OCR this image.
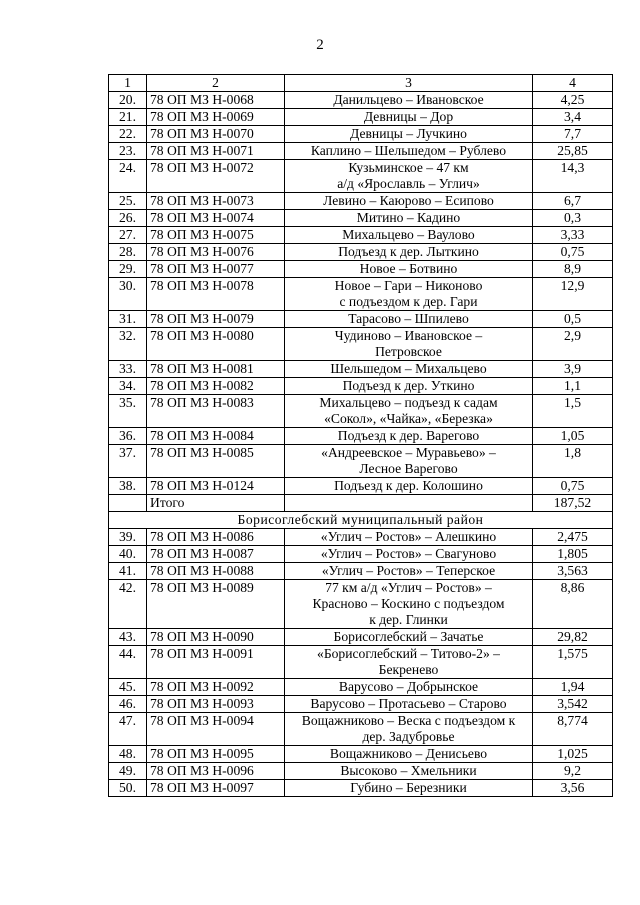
2
1	2	3	4
20.	78 ОП МЗ Н-0068	Данильцево – Ивановское	4,25
21.	78 ОП МЗ Н-0069	Девницы – Дор	3,4
22.	78 ОП МЗ Н-0070	Девницы – Лучкино	7,7
23.	78 ОП МЗ Н-0071	Каплино – Шельшедом – Рублево	25,85
24.	78 ОП МЗ Н-0072	Кузьминское – 47 км
а/д «Ярославль – Углич»	14,3
25.	78 ОП МЗ Н-0073	Левино – Каюрово – Есипово	6,7
26.	78 ОП МЗ Н-0074	Митино – Кадино	0,3
27.	78 ОП МЗ Н-0075	Михальцево – Ваулово	3,33
28.	78 ОП МЗ Н-0076	Подъезд к дер. Лыткино	0,75
29.	78 ОП МЗ Н-0077	Новое – Ботвино	8,9
30.	78 ОП МЗ Н-0078	Новое – Гари – Никоново
с подъездом к дер. Гари	12,9
31.	78 ОП МЗ Н-0079	Тарасово – Шпилево	0,5
32.	78 ОП МЗ Н-0080	Чудиново – Ивановское –
Петровское	2,9
33.	78 ОП МЗ Н-0081	Шельшедом – Михальцево	3,9
34.	78 ОП МЗ Н-0082	Подъезд к дер. Уткино	1,1
35.	78 ОП МЗ Н-0083	Михальцево – подъезд к садам
«Сокол», «Чайка», «Березка»	1,5
36.	78 ОП МЗ Н-0084	Подъезд к дер. Варегово	1,05
37.	78 ОП МЗ Н-0085	«Андреевское – Муравьево» –
Лесное Варегово	1,8
38.	78 ОП МЗ Н-0124	Подъезд к дер. Колошино	0,75
	Итого		187,52
Борисоглебский муниципальный район			
39.	78 ОП МЗ Н-0086	«Углич – Ростов» – Алешкино	2,475
40.	78 ОП МЗ Н-0087	«Углич – Ростов» – Свагуново	1,805
41.	78 ОП МЗ Н-0088	«Углич – Ростов» – Теперское	3,563
42.	78 ОП МЗ Н-0089	77 км а/д «Углич – Ростов» –
Красново – Коскино с подъездом
к дер. Глинки	8,86
43.	78 ОП МЗ Н-0090	Борисоглебский – Зачатье	29,82
44.	78 ОП МЗ Н-0091	«Борисоглебский – Титово-2» –
Бекренево	1,575
45.	78 ОП МЗ Н-0092	Варусово – Добрынское	1,94
46.	78 ОП МЗ Н-0093	Варусово – Протасьево – Старово	3,542
47.	78 ОП МЗ Н-0094	Вощажниково – Веска с подъездом к
дер. Задубровье	8,774
48.	78 ОП МЗ Н-0095	Вощажниково – Денисьево	1,025
49.	78 ОП МЗ Н-0096	Высоково – Хмельники	9,2
50.	78 ОП МЗ Н-0097	Губино – Березники	3,56
